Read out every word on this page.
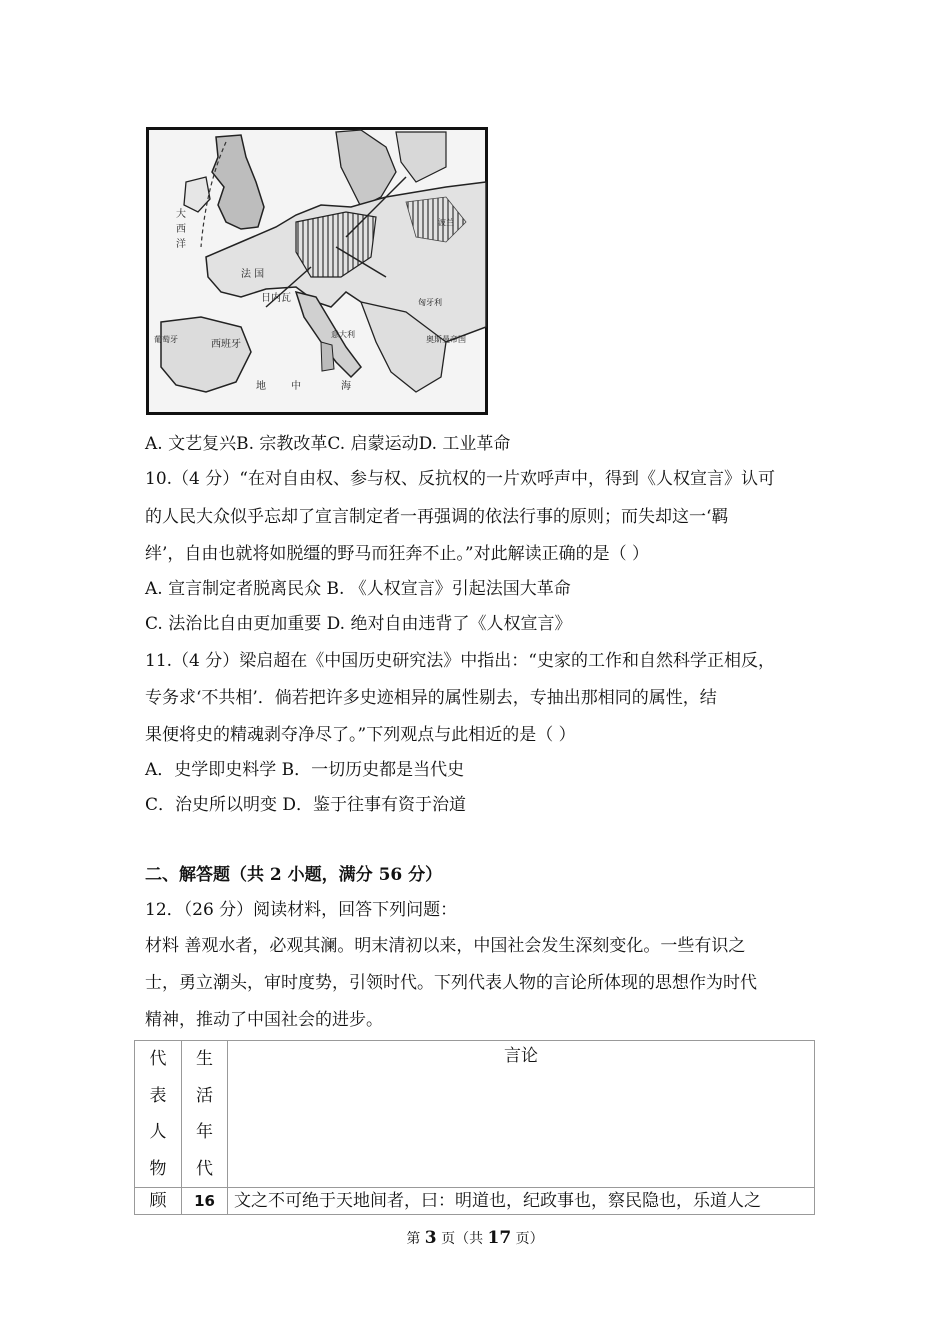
大
西
洋
法 国
日内瓦
西班牙
葡萄牙
意大利
地	中	海
波兰
匈牙利
奥斯曼帝国
A. 文艺复兴B. 宗教改革C. 启蒙运动D. 工业革命
10.（4 分）“在对自由权、参与权、反抗权的一片欢呼声中，得到《人权宣言》认可
的人民大众似乎忘却了宣言制定者一再强调的依法行事的原则；而失却这一‘羁
绊’，自由也就将如脱缰的野马而狂奔不止。”对此解读正确的是（ ）
A. 宣言制定者脱离民众 B. 《人权宣言》引起法国大革命
C. 法治比自由更加重要 D. 绝对自由违背了《人权宣言》
11.（4 分）梁启超在《中国历史研究法》中指出：“史家的工作和自然科学正相反，
专务求‘不共相’．倘若把许多史迹相异的属性剔去，专抽出那相同的属性，结
果便将史的精魂剥夺净尽了。”下列观点与此相近的是（ ）
A．史学即史料学 B．一切历史都是当代史
C．治史所以明变 D．鉴于往事有资于治道
二、解答题（共 2 小题，满分 56 分）
12．（26 分）阅读材料，回答下列问题：
材料 善观水者，必观其澜。明末清初以来，中国社会发生深刻变化。一些有识之
士，勇立潮头，审时度势，引领时代。下列代表人物的言论所体现的思想作为时代
精神，推动了中国社会的进步。
代
表
人
物	生
活
年
代	言论
顾	16	文之不可绝于天地间者，曰：明道也，纪政事也，察民隐也，乐道人之
第 3 页（共 17 页）
